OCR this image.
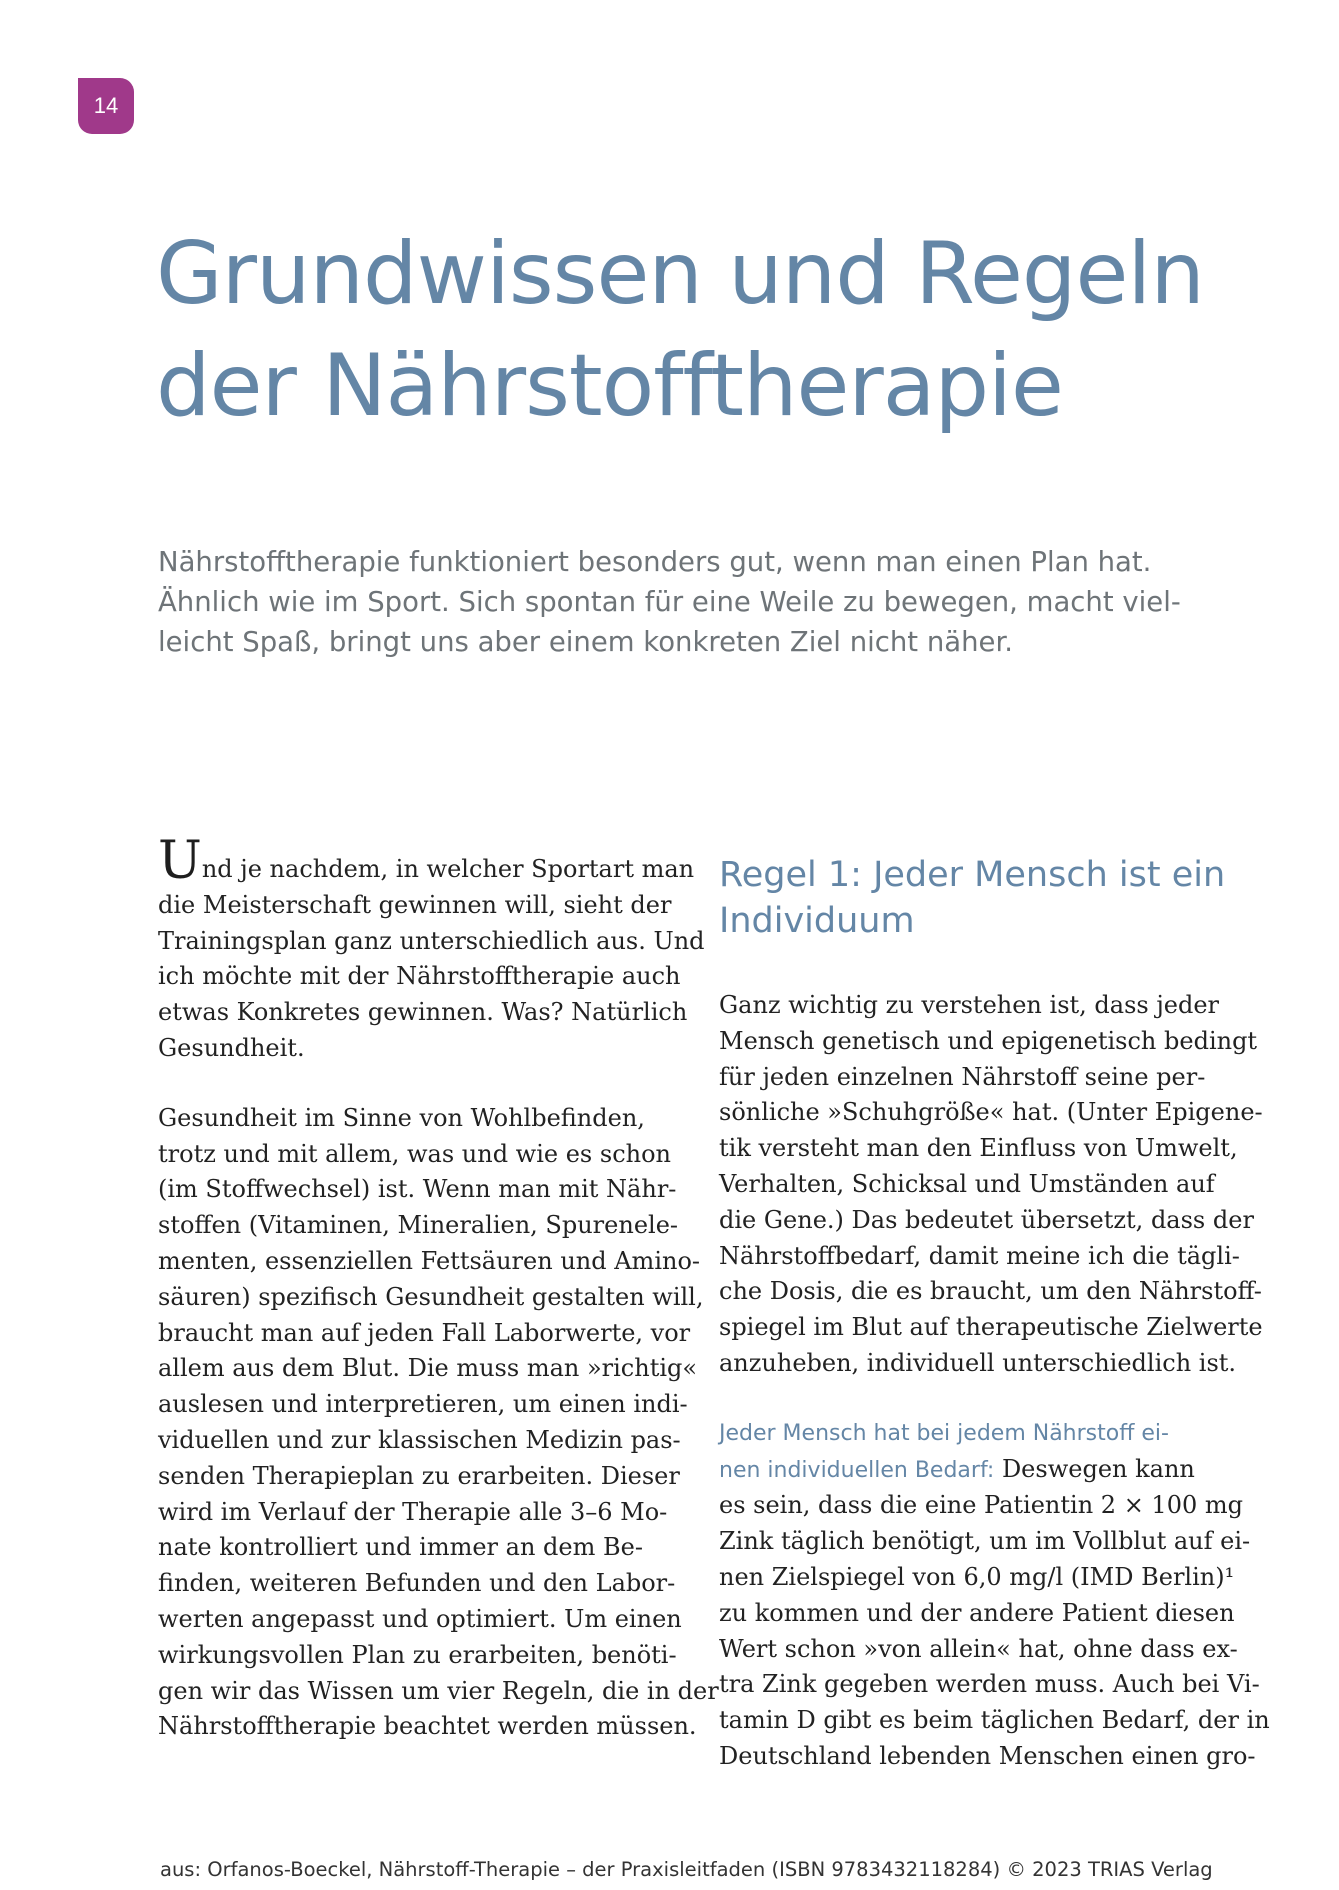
14
Grundwissen und Regeln
der Nährstofftherapie
Nährstofftherapie funktioniert besonders gut, wenn man einen Plan hat.
Ähnlich wie im Sport. Sich spontan für eine Weile zu bewegen, macht viel-
leicht Spaß, bringt uns aber einem konkreten Ziel nicht näher.
Und je nachdem, in welcher Sportart man
die Meisterschaft gewinnen will, sieht der
Trainingsplan ganz unterschiedlich aus. Und
ich möchte mit der Nährstofftherapie auch
etwas Konkretes gewinnen. Was? Natürlich
Gesundheit.
Gesundheit im Sinne von Wohlbefinden,
trotz und mit allem, was und wie es schon
(im Stoffwechsel) ist. Wenn man mit Nähr-
stoffen (Vitaminen, Mineralien, Spurenele-
menten, essenziellen Fettsäuren und Amino-
säuren) spezifisch Gesundheit gestalten will,
braucht man auf jeden Fall Laborwerte, vor
allem aus dem Blut. Die muss man »richtig«
auslesen und interpretieren, um einen indi-
viduellen und zur klassischen Medizin pas-
senden Therapieplan zu erarbeiten. Dieser
wird im Verlauf der Therapie alle 3–6 Mo-
nate kontrolliert und immer an dem Be-
finden, weiteren Befunden und den Labor-
werten angepasst und optimiert. Um einen
wirkungsvollen Plan zu erarbeiten, benöti-
gen wir das Wissen um vier Regeln, die in der
Nährstofftherapie beachtet werden müssen.
Regel 1: Jeder Mensch ist ein
Individuum
Ganz wichtig zu verstehen ist, dass jeder
Mensch genetisch und epigenetisch bedingt
für jeden einzelnen Nährstoff seine per-
sönliche »Schuhgröße« hat. (Unter Epigene-
tik versteht man den Einfluss von Umwelt,
Verhalten, Schicksal und Umständen auf
die Gene.) Das bedeutet übersetzt, dass der
Nährstoffbedarf, damit meine ich die tägli-
che Dosis, die es braucht, um den Nährstoff-
spiegel im Blut auf therapeutische Zielwerte
anzuheben, individuell unterschiedlich ist.
Jeder Mensch hat bei jedem Nährstoff ei-
nen individuellen Bedarf: Deswegen kann
es sein, dass die eine Patientin 2 × 100 mg
Zink täglich benötigt, um im Vollblut auf ei-
nen Zielspiegel von 6,0 mg/l (IMD Berlin)¹
zu kommen und der andere Patient diesen
Wert schon »von allein« hat, ohne dass ex-
tra Zink gegeben werden muss. Auch bei Vi-
tamin D gibt es beim täglichen Bedarf, der in
Deutschland lebenden Menschen einen gro-
aus: Orfanos-Boeckel, Nährstoff-Therapie – der Praxisleitfaden (ISBN 9783432118284) © 2023 TRIAS Verlag
